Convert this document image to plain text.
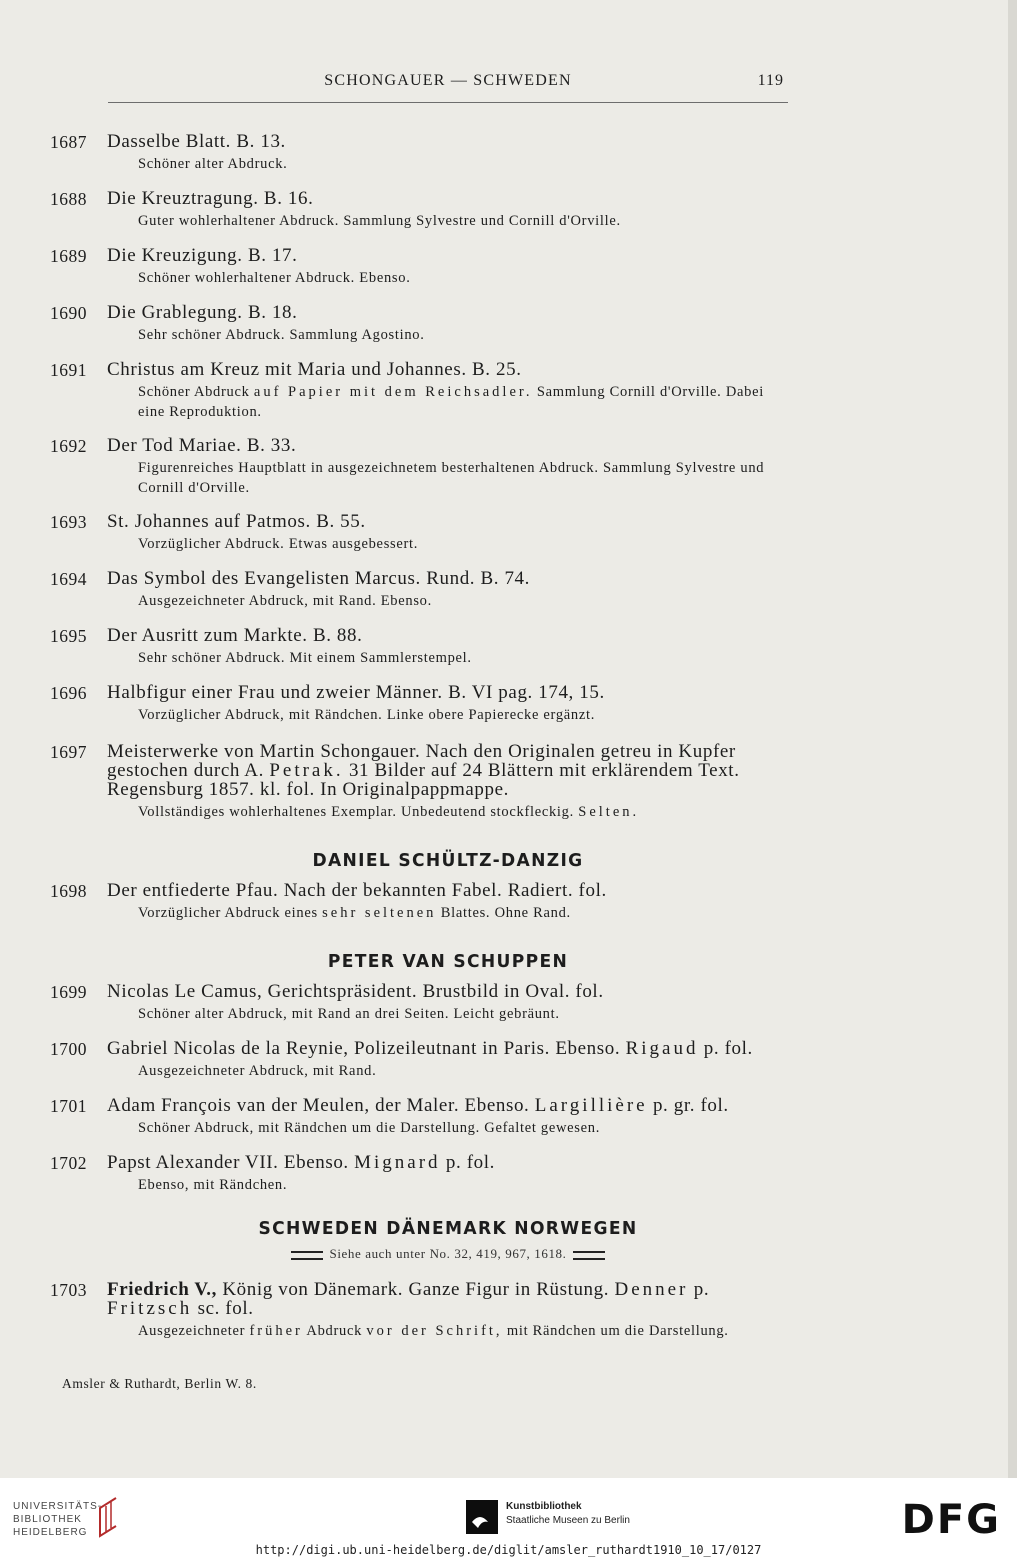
SCHONGAUER — SCHWEDEN	119
1687	Dasselbe Blatt. B. 13.
Schöner alter Abdruck.
1688	Die Kreuztragung. B. 16.
Guter wohlerhaltener Abdruck. Sammlung Sylvestre und Cornill d'Orville.
1689	Die Kreuzigung. B. 17.
Schöner wohlerhaltener Abdruck. Ebenso.
1690	Die Grablegung. B. 18.
Sehr schöner Abdruck. Sammlung Agostino.
1691	Christus am Kreuz mit Maria und Johannes. B. 25.
Schöner Abdruck auf Papier mit dem Reichsadler. Sammlung Cornill d'Orville. Dabei eine Reproduktion.
1692	Der Tod Mariae. B. 33.
Figurenreiches Hauptblatt in ausgezeichnetem besterhaltenen Abdruck. Sammlung Sylvestre und Cornill d'Orville.
1693	St. Johannes auf Patmos. B. 55.
Vorzüglicher Abdruck. Etwas ausgebessert.
1694	Das Symbol des Evangelisten Marcus. Rund. B. 74.
Ausgezeichneter Abdruck, mit Rand. Ebenso.
1695	Der Ausritt zum Markte. B. 88.
Sehr schöner Abdruck. Mit einem Sammlerstempel.
1696	Halbfigur einer Frau und zweier Männer. B. VI pag. 174, 15.
Vorzüglicher Abdruck, mit Rändchen. Linke obere Papierecke ergänzt.
1697	Meisterwerke von Martin Schongauer. Nach den Originalen getreu in Kupfer gestochen durch A. Petrak. 31 Bilder auf 24 Blättern mit erklärendem Text. Regensburg 1857. kl. fol. In Originalpappmappe.
Vollständiges wohlerhaltenes Exemplar. Unbedeutend stockfleckig. Selten.
DANIEL SCHÜLTZ-DANZIG
1698	Der entfiederte Pfau. Nach der bekannten Fabel. Radiert. fol.
Vorzüglicher Abdruck eines sehr seltenen Blattes. Ohne Rand.
PETER VAN SCHUPPEN
1699	Nicolas Le Camus, Gerichtspräsident. Brustbild in Oval. fol.
Schöner alter Abdruck, mit Rand an drei Seiten. Leicht gebräunt.
1700	Gabriel Nicolas de la Reynie, Polizeileutnant in Paris. Ebenso. Rigaud p. fol.
Ausgezeichneter Abdruck, mit Rand.
1701	Adam François van der Meulen, der Maler. Ebenso. Largillière p. gr. fol.
Schöner Abdruck, mit Rändchen um die Darstellung. Gefaltet gewesen.
1702	Papst Alexander VII. Ebenso. Mignard p. fol.
Ebenso, mit Rändchen.
SCHWEDEN DÄNEMARK NORWEGEN
Siehe auch unter No. 32, 419, 967, 1618.
1703	Friedrich V., König von Dänemark. Ganze Figur in Rüstung. Denner p. Fritzsch sc. fol.
Ausgezeichneter früher Abdruck vor der Schrift, mit Rändchen um die Darstellung.
Amsler & Ruthardt, Berlin W. 8.
UNIVERSITÄTS-
BIBLIOTHEK
HEIDELBERG
Kunstbibliothek
Staatliche Museen zu Berlin	DFG
http://digi.ub.uni-heidelberg.de/diglit/amsler_ruthardt1910_10_17/0127
